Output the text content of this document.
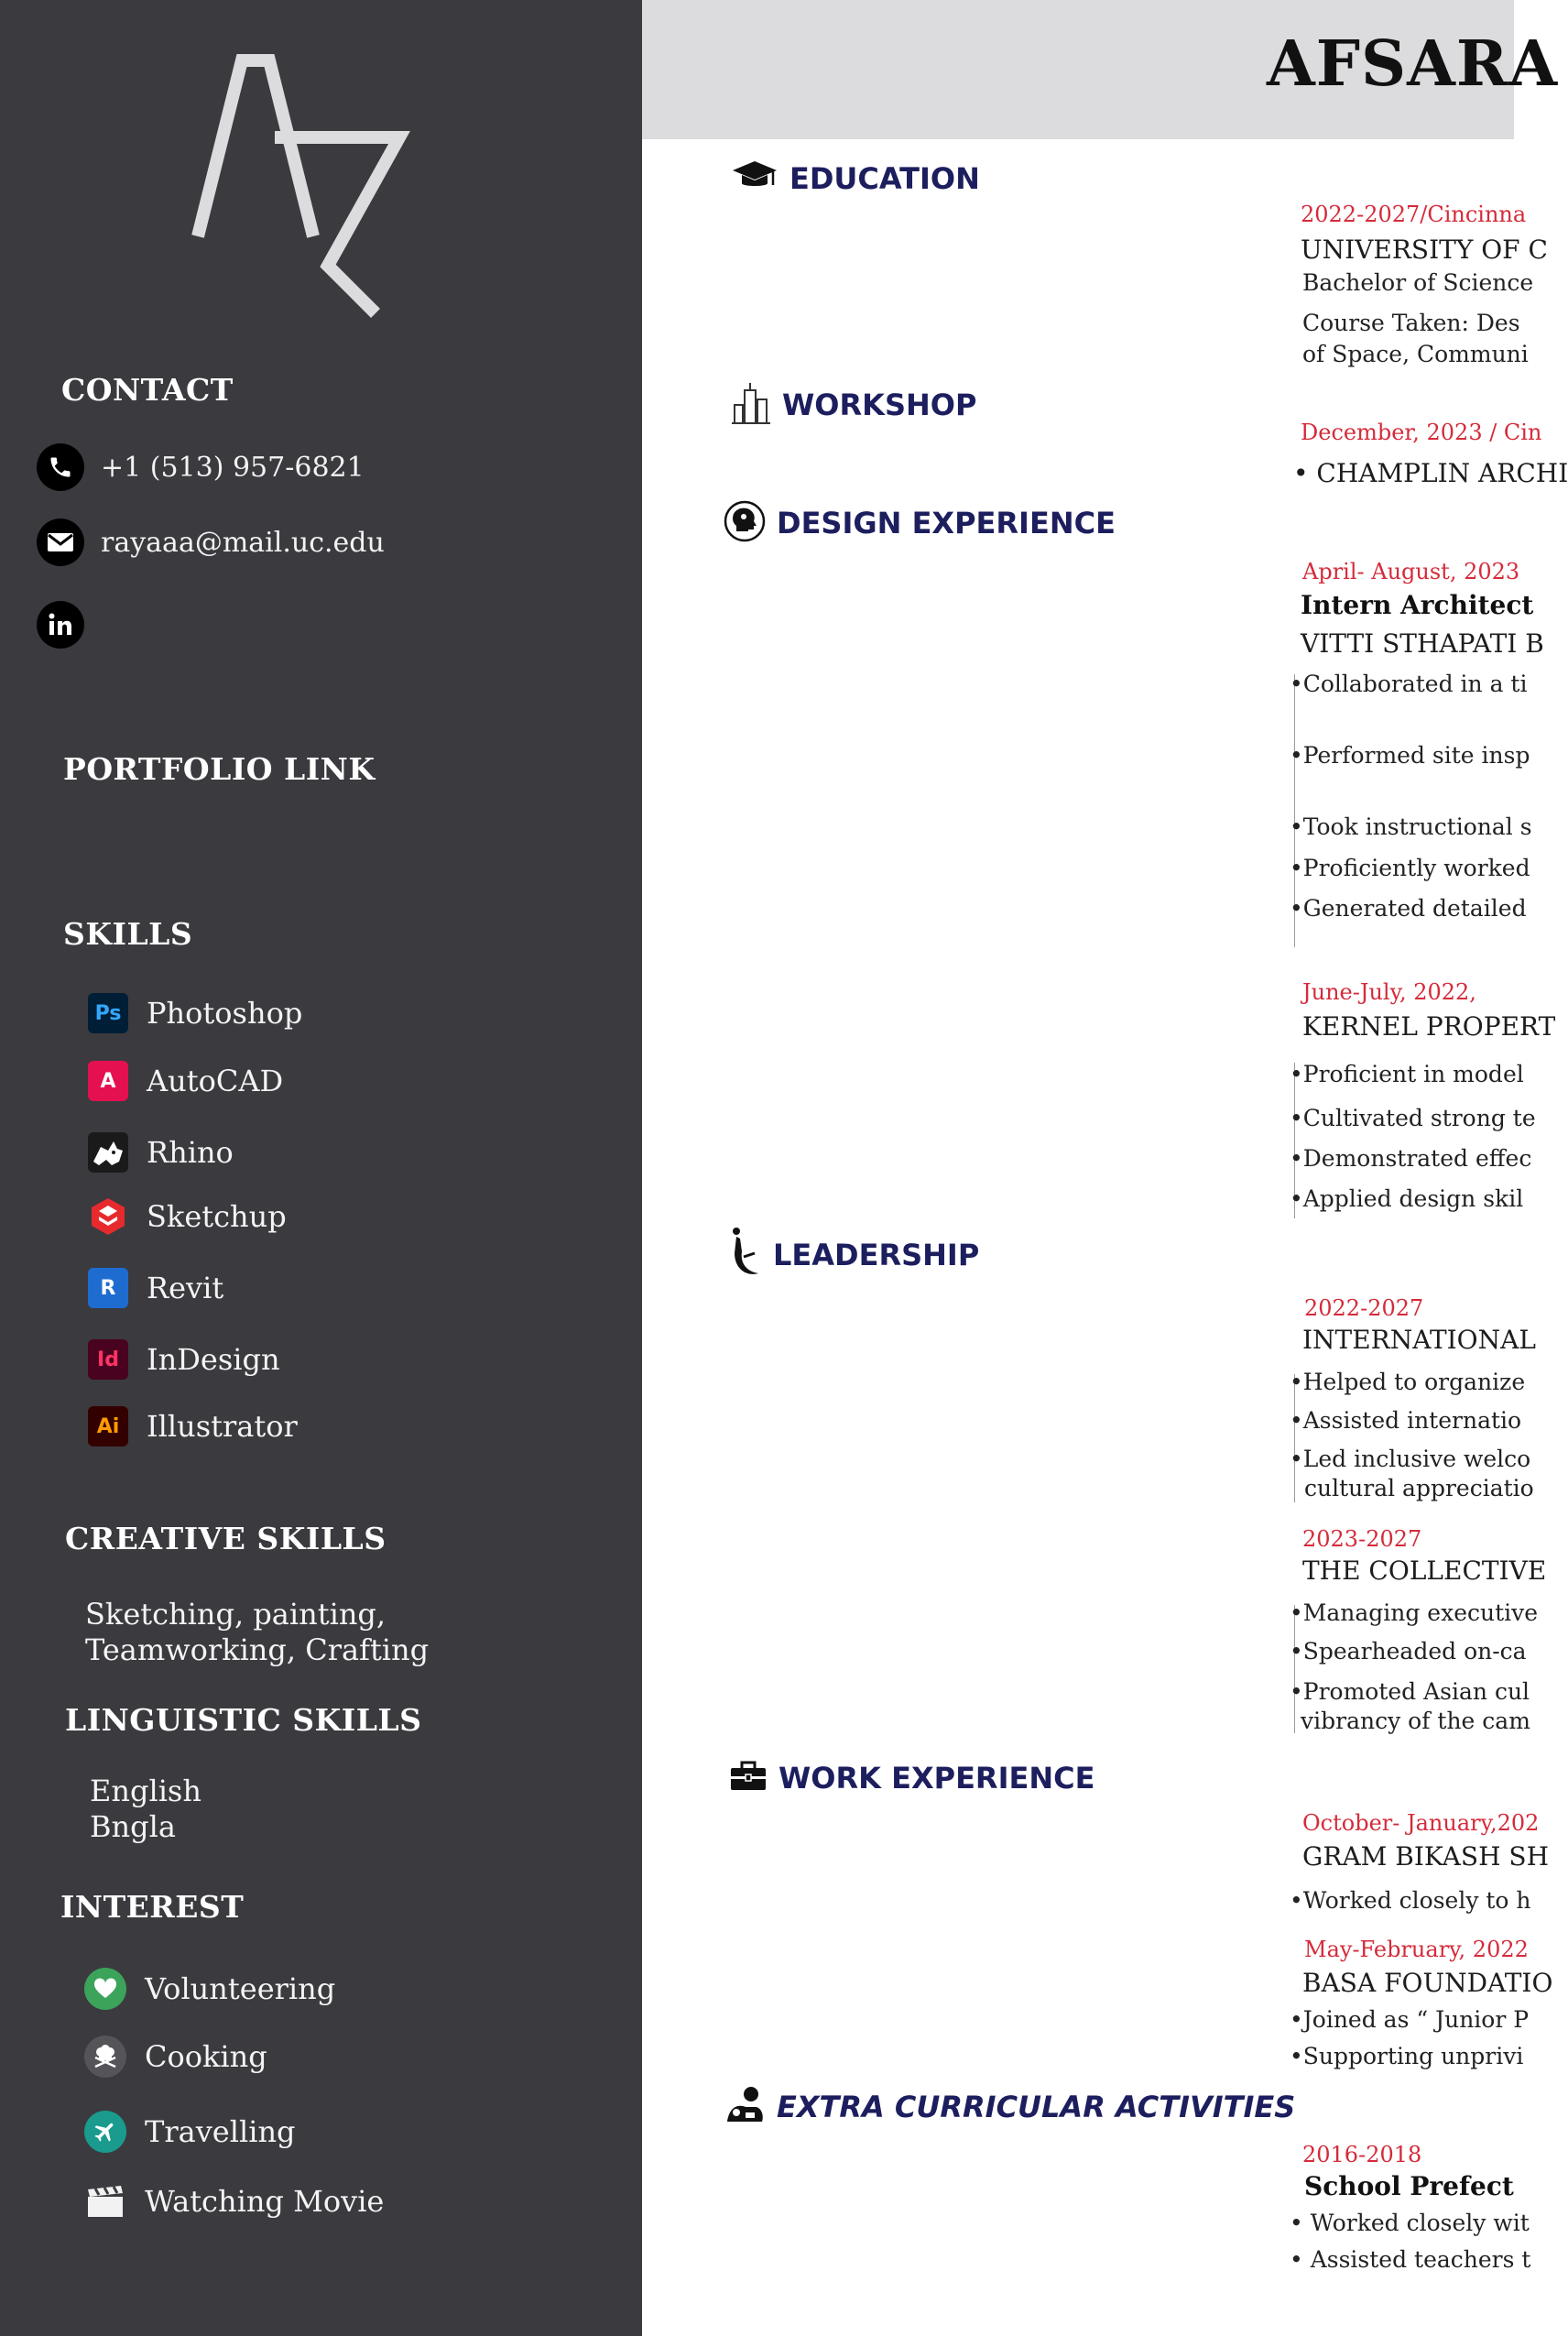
CONTACT
+1 (513) 957-6821
rayaaa@mail.uc.edu
PORTFOLIO LINK
SKILLS
Ps Photoshop
A	AutoCAD
Rhino
Sketchup
R	Revit
Id InDesign
Ai Illustrator
CREATIVE SKILLS

Sketching, painting,

Teamworking, Crafting

LINGUISTIC SKILLS

English

Bngla

INTEREST
Volunteering
Cooking
Travelling
Watching Movie
AFSARA
EDUCATION
WORKSHOP
DESIGN EXPERIENCE
LEADERSHIP
WORK EXPERIENCE
EXTRA CURRICULAR ACTIVITIES

2022-2027/Cincinna

UNIVERSITY OF C

Bachelor of Science

Course Taken: Des

of Space, Communi

December, 2023 / Cin

• CHAMPLIN ARCHI

April- August, 2023

Intern Architect

VITTI STHAPATI B

•Collaborated in a ti

•Performed site insp

•Took instructional s

•Proficiently worked

•Generated detailed

June-July, 2022,

KERNEL PROPERT

•Proficient in model

•Cultivated strong te

•Demonstrated effec

•Applied design skil

2022-2027

INTERNATIONAL

•Helped to organize

•Assisted internatio

•Led inclusive welco

cultural appreciatio

2023-2027

THE COLLECTIVE

•Managing executive

•Spearheaded on-ca

•Promoted Asian cul

vibrancy of the cam

October- January,202

GRAM BIKASH SH

•Worked closely to h

May-February, 2022

BASA FOUNDATIO

•Joined as “ Junior P

•Supporting unprivi

2016-2018

School Prefect

• Worked closely wit

• Assisted teachers t
